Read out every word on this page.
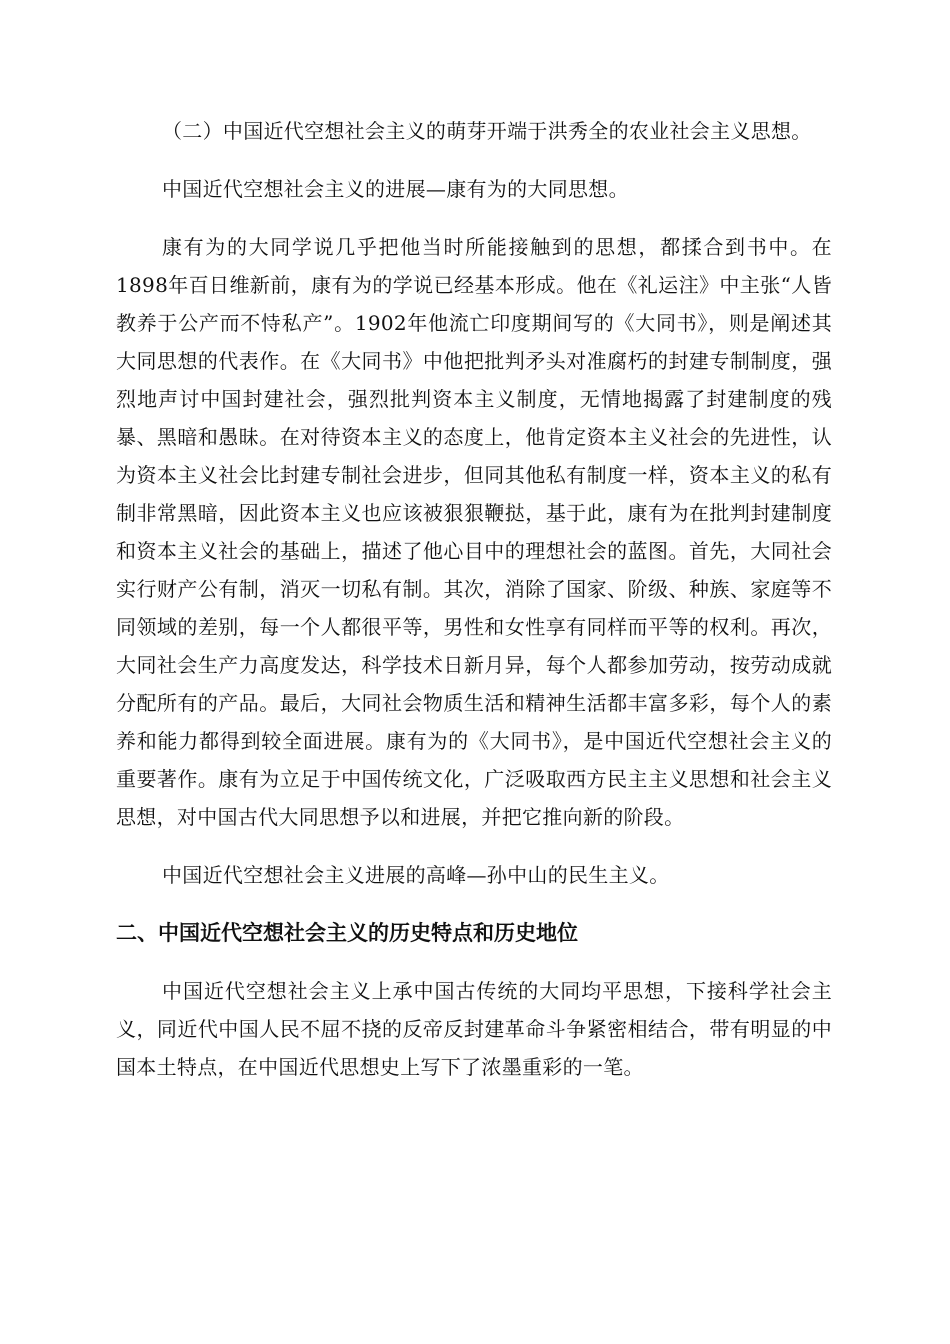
（二）中国近代空想社会主义的萌芽开端于洪秀全的农业社会主义思想。

中国近代空想社会主义的进展—康有为的大同思想。

康有为的大同学说几乎把他当时所能接触到的思想，都揉合到书中。在1898年百日维新前，康有为的学说已经基本形成。他在《礼运注》中主张“人皆教养于公产而不恃私产”。1902年他流亡印度期间写的《大同书》，则是阐述其大同思想的代表作。在《大同书》中他把批判矛头对准腐朽的封建专制制度，强烈地声讨中国封建社会，强烈批判资本主义制度，无情地揭露了封建制度的残暴、黑暗和愚昧。在对待资本主义的态度上，他肯定资本主义社会的先进性，认为资本主义社会比封建专制社会进步，但同其他私有制度一样，资本主义的私有制非常黑暗，因此资本主义也应该被狠狠鞭挞，基于此，康有为在批判封建制度和资本主义社会的基础上，描述了他心目中的理想社会的蓝图。首先，大同社会实行财产公有制，消灭一切私有制。其次，消除了国家、阶级、种族、家庭等不同领域的差别，每一个人都很平等，男性和女性享有同样而平等的权利。再次，大同社会生产力高度发达，科学技术日新月异，每个人都参加劳动，按劳动成就分配所有的产品。最后，大同社会物质生活和精神生活都丰富多彩，每个人的素养和能力都得到较全面进展。康有为的《大同书》，是中国近代空想社会主义的重要著作。康有为立足于中国传统文化，广泛吸取西方民主主义思想和社会主义思想，对中国古代大同思想予以和进展，并把它推向新的阶段。

中国近代空想社会主义进展的高峰—孙中山的民生主义。

二、中国近代空想社会主义的历史特点和历史地位

中国近代空想社会主义上承中国古传统的大同均平思想，下接科学社会主义，同近代中国人民不屈不挠的反帝反封建革命斗争紧密相结合，带有明显的中国本土特点，在中国近代思想史上写下了浓墨重彩的一笔。
